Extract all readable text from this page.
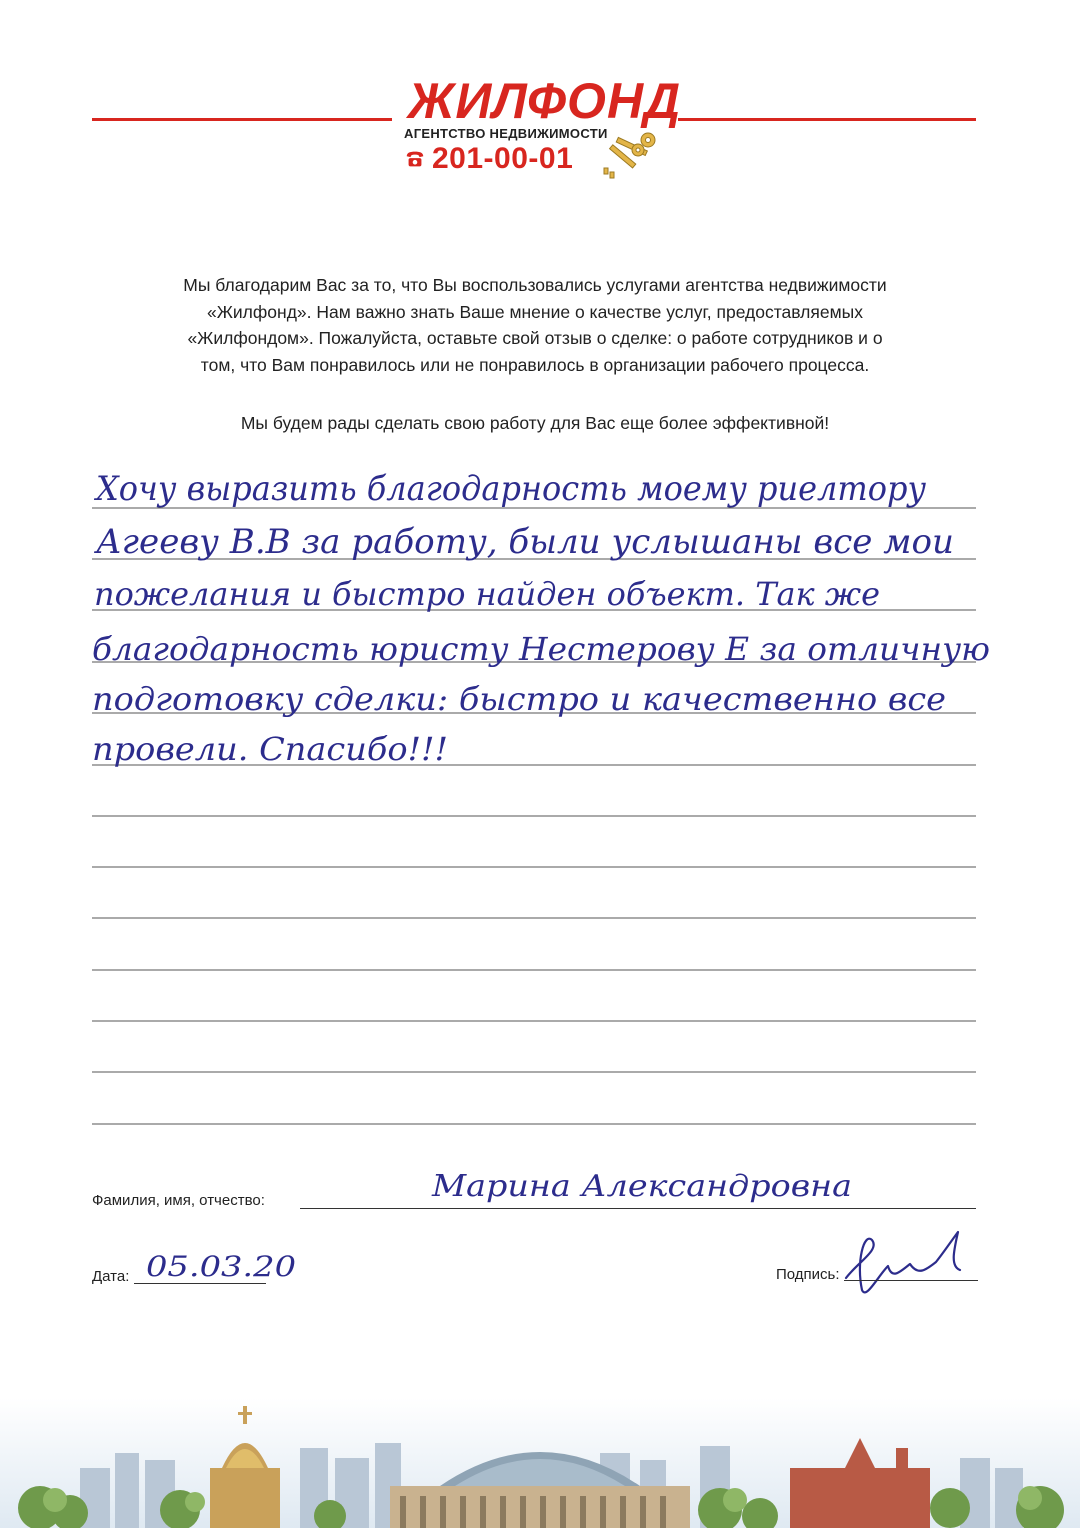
ЖИЛФОНД
АГЕНТСТВО НЕДВИЖИМОСТИ
201-00-01

Мы благодарим Вас за то, что Вы воспользовались услугами агентства недвижимости

«Жилфонд». Нам важно знать Ваше мнение о качестве услуг, предоставляемых

«Жилфондом». Пожалуйста, оставьте свой отзыв о сделке: о работе сотрудников и о

том, что Вам понравилось или не понравилось в организации рабочего процесса.

Мы будем рады сделать свою работу для Вас еще более эффективной!
Хочу выразить благодарность моему риелтору
Агееву В.В за работу, были услышаны все мои
пожелания и быстро найден объект. Так же
благодарность юристу Нестерову Е за отличную
подготовку сделки: быстро и качественно все
провели. Спасибо!!!
Марина Александровна
05.03.20
Фамилия, имя, отчество:
Дата:	Подпись:
